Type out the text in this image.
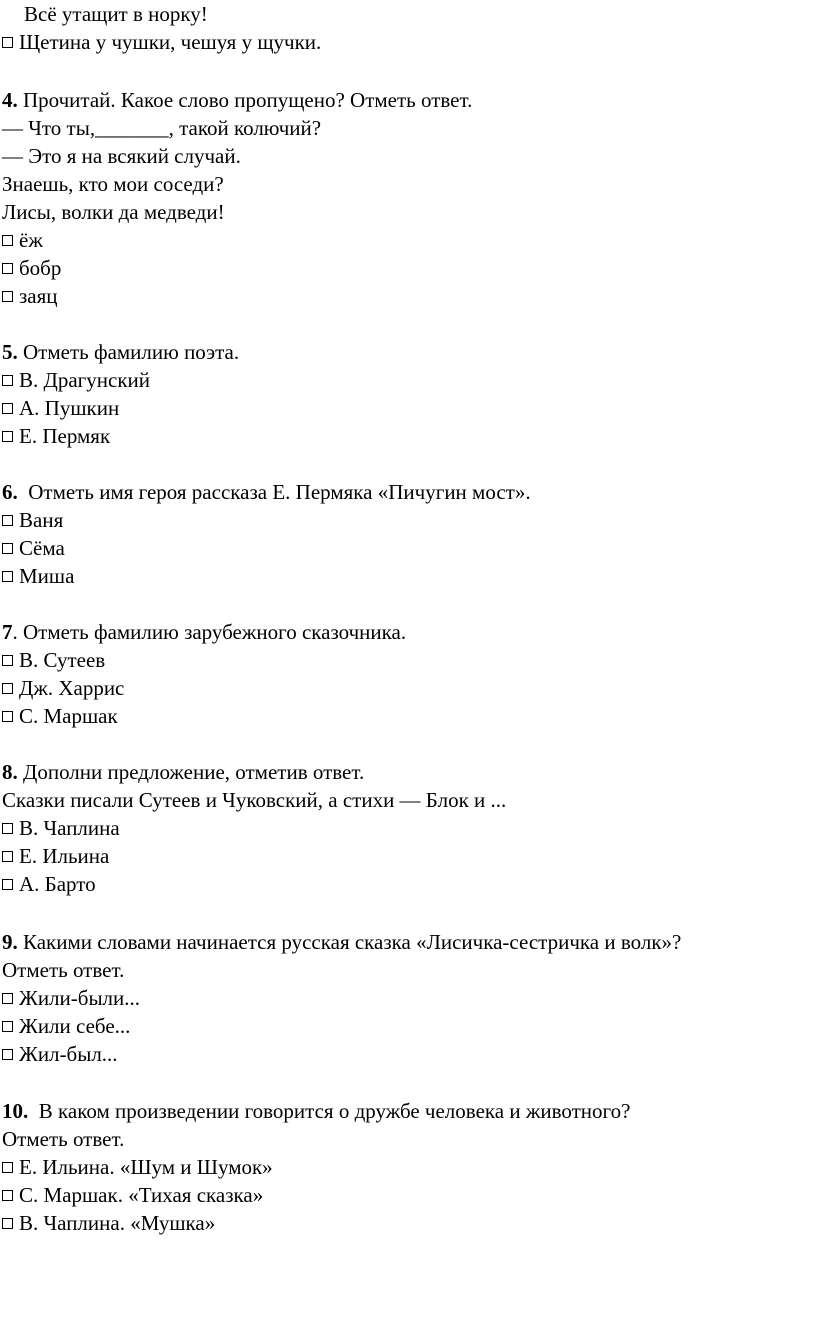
Всё утащит в норку!
Щетина у чушки, чешуя у щучки.
4. Прочитай. Какое слово пропущено? Отметь ответ.
— Что ты,_______, такой колючий?
— Это я на всякий случай.
Знаешь, кто мои соседи?
Лисы, волки да медведи!
ёж
бобр
заяц
5. Отметь фамилию поэта.
В. Драгунский
А. Пушкин
Е. Пермяк
6.  Отметь имя героя рассказа Е. Пермяка «Пичугин мост».
Ваня
Сёма
Миша
7. Отметь фамилию зарубежного сказочника.
В. Сутеев
Дж. Харрис
С. Маршак
8. Дополни предложение, отметив ответ.
Сказки писали Сутеев и Чуковский, а стихи — Блок и ...
В. Чаплина
Е. Ильина
А. Барто
9. Какими словами начинается русская сказка «Лисичка-сестричка и волк»?
Отметь ответ.
Жили-были...
Жили себе...
Жил-был...
10.  В каком произведении говорится о дружбе человека и животного?
Отметь ответ.
Е. Ильина. «Шум и Шумок»
С. Маршак. «Тихая сказка»
В. Чаплина. «Мушка»
